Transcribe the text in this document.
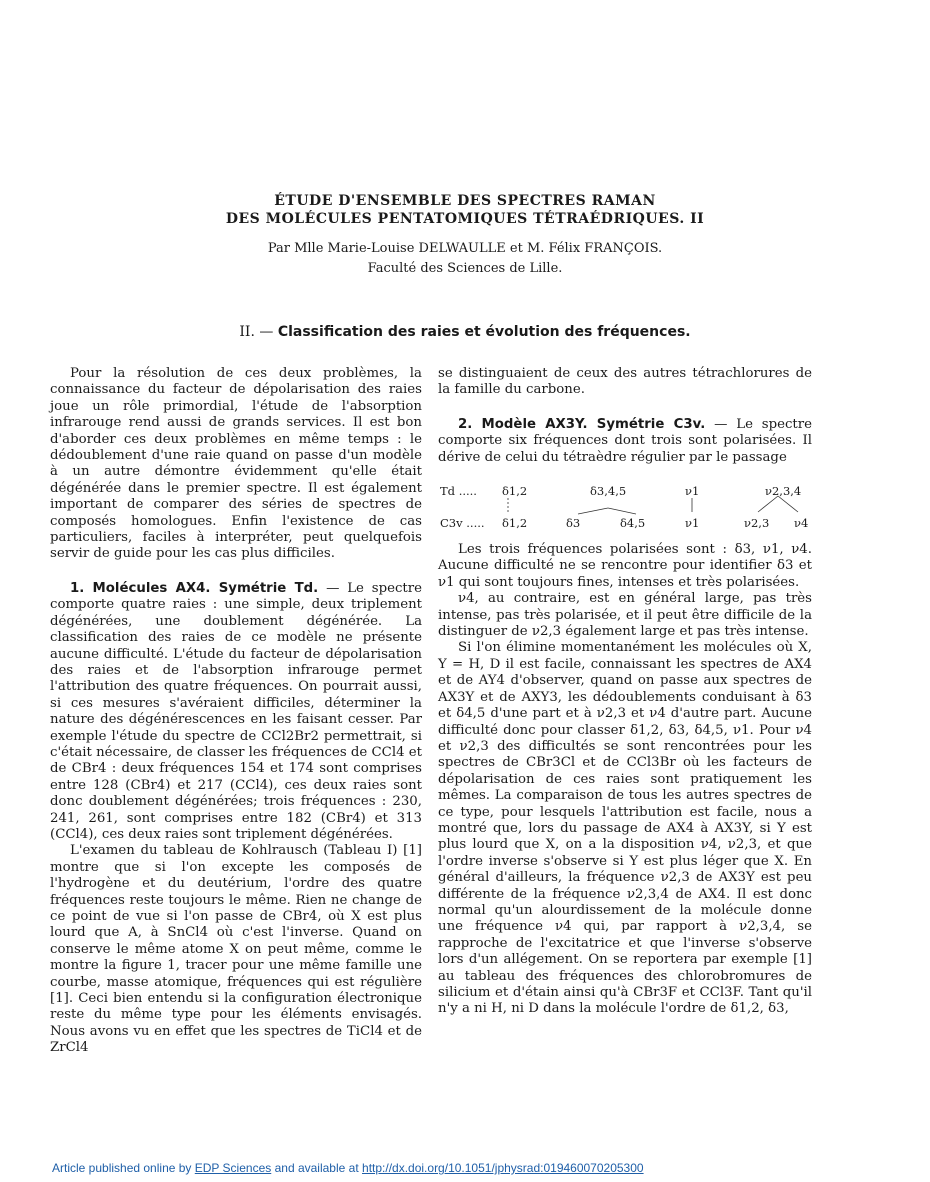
ÉTUDE D'ENSEMBLE DES SPECTRES RAMAN
DES MOLÉCULES PENTATOMIQUES TÉTRAÉDRIQUES. II
Par Mlle Marie-Louise DELWAULLE et M. Félix FRANÇOIS.
Faculté des Sciences de Lille.
II. — Classification des raies et évolution des fréquences.

Pour la résolution de ces deux problèmes, la connaissance du facteur de dépolarisation des raies joue un rôle primordial, l'étude de l'absorption infrarouge rend aussi de grands services. Il est bon d'aborder ces deux problèmes en même temps : le dédoublement d'une raie quand on passe d'un modèle à un autre démontre évidemment qu'elle était dégénérée dans le premier spectre. Il est également important de comparer des séries de spectres de composés homologues. Enfin l'existence de cas particuliers, faciles à interpréter, peut quelquefois servir de guide pour les cas plus difficiles.

1. Molécules AX4. Symétrie Td. — Le spectre comporte quatre raies : une simple, deux triplement dégénérées, une doublement dégénérée. La classification des raies de ce modèle ne présente aucune difficulté. L'étude du facteur de dépolarisation des raies et de l'absorption infrarouge permet l'attribution des quatre fréquences. On pourrait aussi, si ces mesures s'avéraient difficiles, déterminer la nature des dégénérescences en les faisant cesser. Par exemple l'étude du spectre de CCl2Br2 permettrait, si c'était nécessaire, de classer les fréquences de CCl4 et de CBr4 : deux fréquences 154 et 174 sont comprises entre 128 (CBr4) et 217 (CCl4), ces deux raies sont donc doublement dégénérées; trois fréquences : 230, 241, 261, sont comprises entre 182 (CBr4) et 313 (CCl4), ces deux raies sont triplement dégénérées.

L'examen du tableau de Kohlrausch (Tableau I) [1] montre que si l'on excepte les composés de l'hydrogène et du deutérium, l'ordre des quatre fréquences reste toujours le même. Rien ne change de ce point de vue si l'on passe de CBr4, où X est plus lourd que A, à SnCl4 où c'est l'inverse. Quand on conserve le même atome X on peut même, comme le montre la figure 1, tracer pour une même famille une courbe, masse atomique, fréquences qui est régulière [1]. Ceci bien entendu si la configuration électronique reste du même type pour les éléments envisagés. Nous avons vu en effet que les spectres de TiCl4 et de ZrCl4

se distinguaient de ceux des autres tétrachlorures de la famille du carbone.

2. Modèle AX3Y. Symétrie C3v. — Le spectre comporte six fréquences dont trois sont polarisées. Il dérive de celui du tétraèdre régulier par le passage

Les trois fréquences polarisées sont : δ3, ν1, ν4. Aucune difficulté ne se rencontre pour identifier δ3 et ν1 qui sont toujours fines, intenses et très polarisées.

ν4, au contraire, est en général large, pas très intense, pas très polarisée, et il peut être difficile de la distinguer de ν2,3 également large et pas très intense.

Si l'on élimine momentanément les molécules où X, Y = H, D il est facile, connaissant les spectres de AX4 et de AY4 d'observer, quand on passe aux spectres de AX3Y et de AXY3, les dédoublements conduisant à δ3 et δ4,5 d'une part et à ν2,3 et ν4 d'autre part. Aucune difficulté donc pour classer δ1,2, δ3, δ4,5, ν1. Pour ν4 et ν2,3 des difficultés se sont rencontrées pour les spectres de CBr3Cl et de CCl3Br où les facteurs de dépolarisation de ces raies sont pratiquement les mêmes. La comparaison de tous les autres spectres de ce type, pour lesquels l'attribution est facile, nous a montré que, lors du passage de AX4 à AX3Y, si Y est plus lourd que X, on a la disposition ν4, ν2,3, et que l'ordre inverse s'observe si Y est plus léger que X. En général d'ailleurs, la fréquence ν2,3 de AX3Y est peu différente de la fréquence ν2,3,4 de AX4. Il est donc normal qu'un alourdissement de la molécule donne une fréquence ν4 qui, par rapport à ν2,3,4, se rapproche de l'excitatrice et que l'inverse s'observe lors d'un allégement. On se reportera par exemple [1] au tableau des fréquences des chlorobromures de silicium et d'étain ainsi qu'à CBr3F et CCl3F. Tant qu'il n'y a ni H, ni D dans la molécule l'ordre de δ1,2, δ3,

Td ..... δ1,2	δ3,4,5	ν1	ν2,3,4
C3v ..... δ1,2	δ3	δ4,5	ν1	ν2,3 ν4
Article published online by EDP Sciences and available at http://dx.doi.org/10.1051/jphysrad:019460070205300
